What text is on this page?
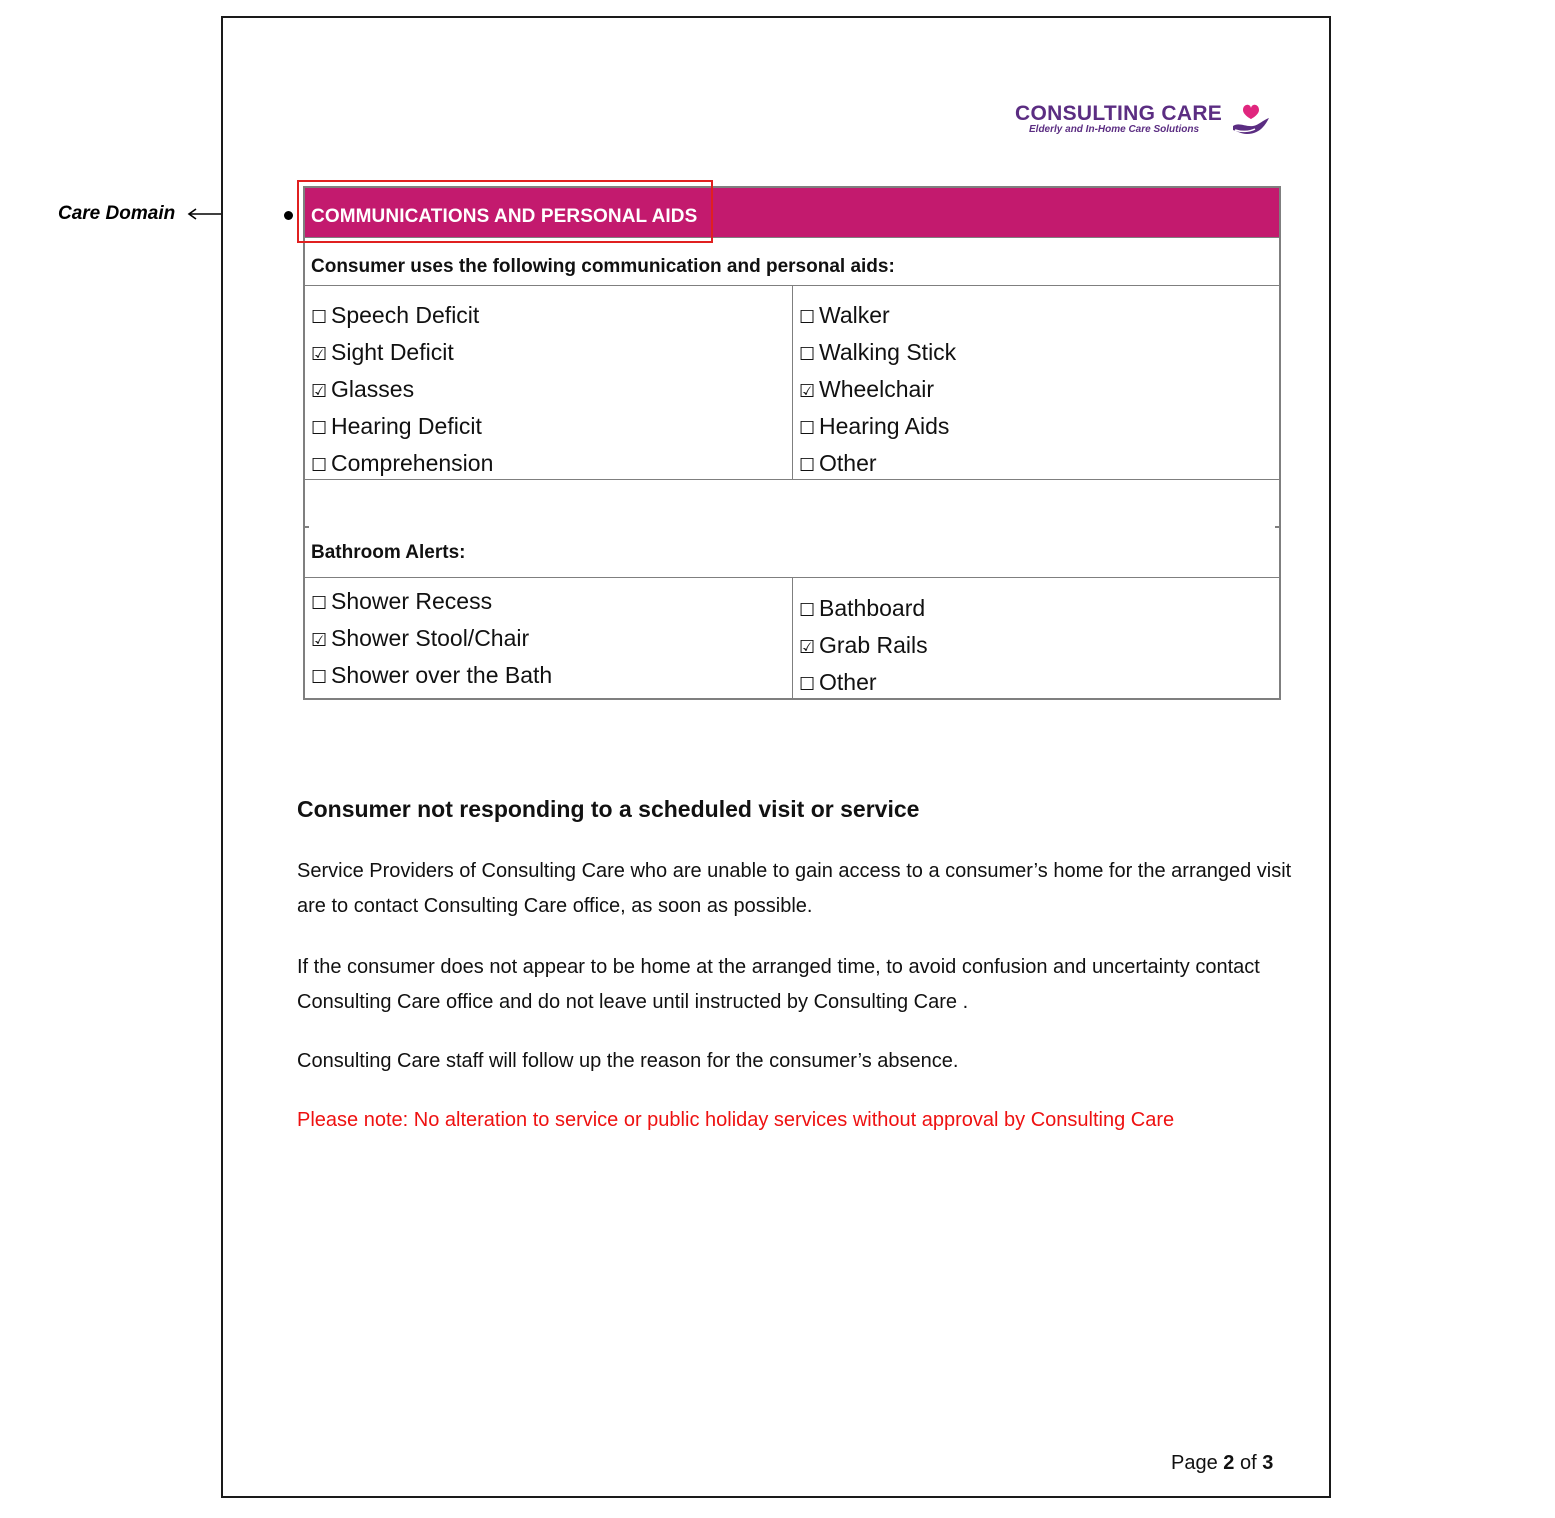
Care Domain
CONSULTING CARE
Elderly and In-Home Care Solutions
COMMUNICATIONS AND PERSONAL AIDS
Consumer uses the following communication and personal aids:
☐ Speech Deficit
☑ Sight Deficit
☑ Glasses
☐ Hearing Deficit
☐ Comprehension
☐ Walker
☐ Walking Stick
☑ Wheelchair
☐ Hearing Aids
☐ Other
Bathroom Alerts:
☐ Shower Recess
☑ Shower Stool/Chair
☐ Shower over the Bath
☐ Bathboard
☑ Grab Rails
☐ Other
Consumer not responding to a scheduled visit or service
Service Providers of Consulting Care who are unable to gain access to a consumer’s home for the arranged visit are to contact Consulting Care office, as soon as possible.
If the consumer does not appear to be home at the arranged time, to avoid confusion and uncertainty contact Consulting Care office and do not leave until instructed by Consulting Care .
Consulting Care staff will follow up the reason for the consumer’s absence.
Please note: No alteration to service or public holiday services without approval by Consulting Care
Page 2 of 3
